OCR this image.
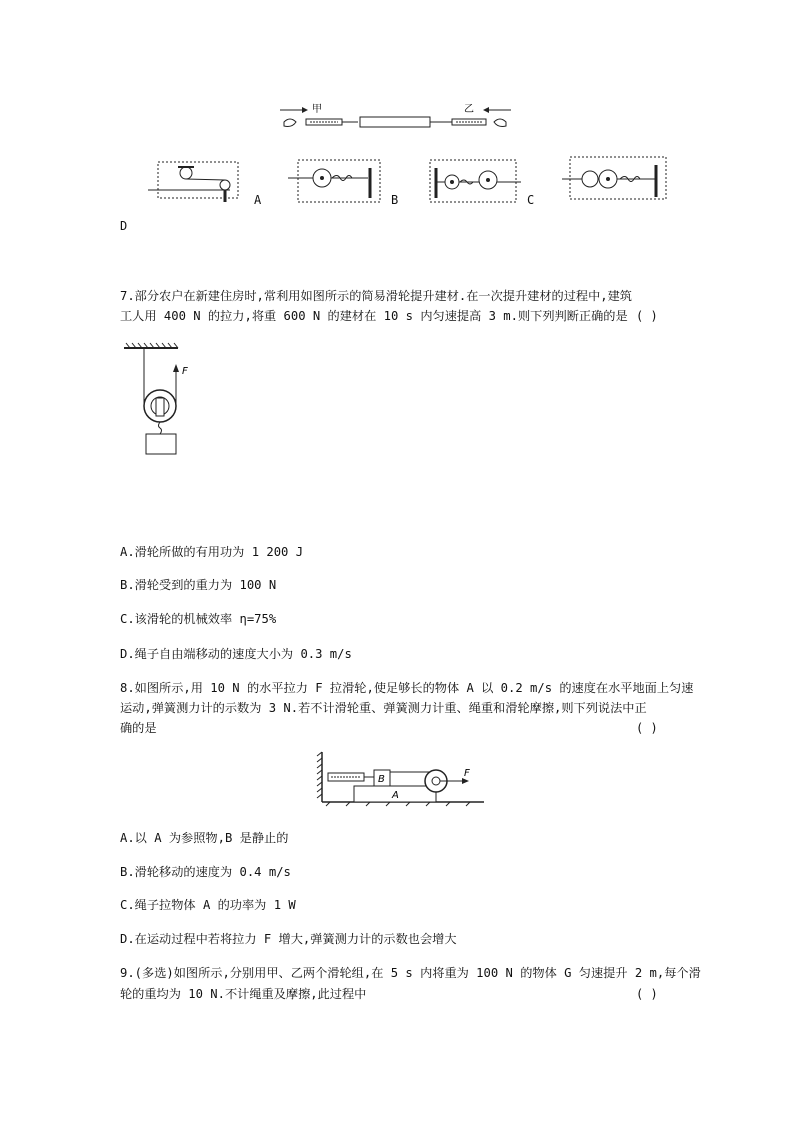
甲	乙
A	B	C
D
7.部分农户在新建住房时,常利用如图所示的简易滑轮提升建材.在一次提升建材的过程中,建筑
工人用 400 N 的拉力,将重 600 N 的建材在 10 s 内匀速提高 3 m.则下列判断正确的是 ( )
F
A.滑轮所做的有用功为 1 200 J
B.滑轮受到的重力为 100 N
C.该滑轮的机械效率 η=75%
D.绳子自由端移动的速度大小为 0.3 m/s
8.如图所示,用 10 N 的水平拉力 F 拉滑轮,使足够长的物体 A 以 0.2 m/s 的速度在水平地面上匀速
运动,弹簧测力计的示数为 3 N.若不计滑轮重、弹簧测力计重、绳重和滑轮摩擦,则下列说法中正
确的是	( )
B
A
F
A.以 A 为参照物,B 是静止的
B.滑轮移动的速度为 0.4 m/s
C.绳子拉物体 A 的功率为 1 W
D.在运动过程中若将拉力 F 增大,弹簧测力计的示数也会增大
9.(多选)如图所示,分别用甲、乙两个滑轮组,在 5 s 内将重为 100 N 的物体 G 匀速提升 2 m,每个滑
轮的重均为 10 N.不计绳重及摩擦,此过程中	( )
